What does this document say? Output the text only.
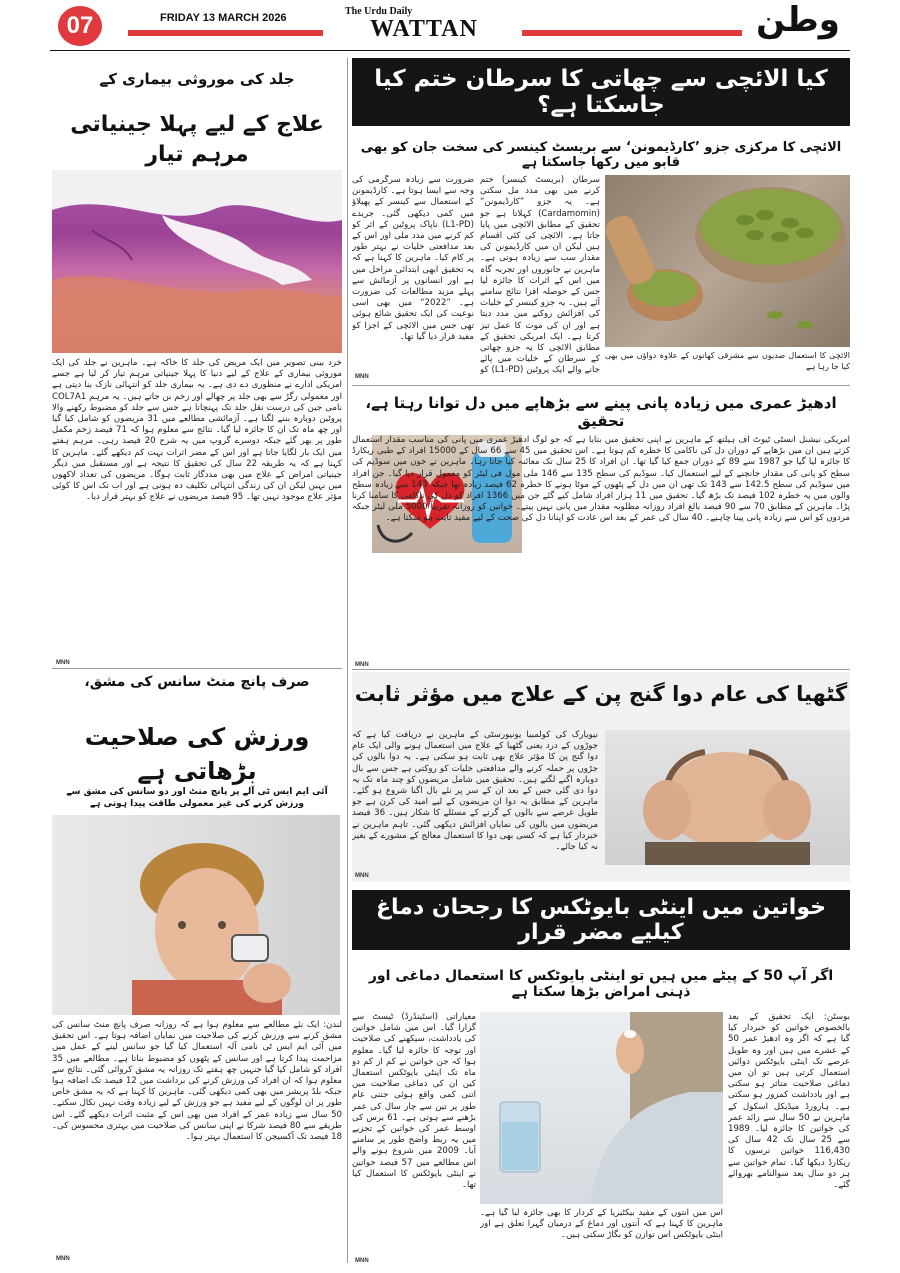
07	FRIDAY 13 MARCH 2026
The Urdu Daily
WATTAN	وطن
جلد کی موروثی بیماری کے
علاج کے لیے پہلا جینیاتی مرہم تیار
خرد بینی تصویر میں ایک مریض کی جلد کا خاکہ ہے۔ ماہرین نے جلد کی ایک موروثی بیماری کے علاج کے لیے دنیا کا پہلا جینیاتی مرہم تیار کر لیا ہے جسے امریکی ادارے نے منظوری دے دی ہے۔ یہ بیماری جلد کو انتہائی نازک بنا دیتی ہے اور معمولی رگڑ سے بھی جلد پر چھالے اور زخم بن جاتے ہیں۔ یہ مرہم COL7A1 نامی جین کی درست نقل جلد تک پہنچاتا ہے جس سے جلد کو مضبوط رکھنے والا پروٹین دوبارہ بننے لگتا ہے۔ آزمائشی مطالعے میں 31 مریضوں کو شامل کیا گیا اور چھ ماہ تک ان کا جائزہ لیا گیا۔ نتائج سے معلوم ہوا کہ 71 فیصد زخم مکمل طور پر بھر گئے جبکہ دوسرے گروپ میں یہ شرح 20 فیصد رہی۔ مرہم ہفتے میں ایک بار لگایا جاتا ہے اور اس کے مضر اثرات بہت کم دیکھے گئے۔ ماہرین کا کہنا ہے کہ یہ طریقہ 22 سال کی تحقیق کا نتیجہ ہے اور مستقبل میں دیگر جینیاتی امراض کے علاج میں بھی مددگار ثابت ہوگا۔ مریضوں کی تعداد لاکھوں میں نہیں لیکن ان کی زندگی انتہائی تکلیف دہ ہوتی ہے اور اب تک اس کا کوئی مؤثر علاج موجود نہیں تھا۔ 95 فیصد مریضوں نے علاج کو بہتر قرار دیا۔
MNN
صرف پانچ منٹ سانس کی مشق،
ورزش کی صلاحیت بڑھاتی ہے
آئی ایم ایس ٹی آلے پر پانچ منٹ اور دو سانس کی مشق سے ورزش کرنے کی غیر معمولی طاقت پیدا ہوتی ہے
لندن: ایک نئے مطالعے سے معلوم ہوا ہے کہ روزانہ صرف پانچ منٹ سانس کی مشق کرنے سے ورزش کرنے کی صلاحیت میں نمایاں اضافہ ہوتا ہے۔ اس تحقیق میں آئی ایم ایس ٹی نامی آلہ استعمال کیا گیا جو سانس لینے کے عمل میں مزاحمت پیدا کرتا ہے اور سانس کے پٹھوں کو مضبوط بناتا ہے۔ مطالعے میں 35 افراد کو شامل کیا گیا جنہیں چھ ہفتے تک روزانہ یہ مشق کروائی گئی۔ نتائج سے معلوم ہوا کہ ان افراد کی ورزش کرنے کی برداشت میں 12 فیصد تک اضافہ ہوا جبکہ بلڈ پریشر میں بھی کمی دیکھی گئی۔ ماہرین کا کہنا ہے کہ یہ مشق خاص طور پر ان لوگوں کے لیے مفید ہے جو ورزش کے لیے زیادہ وقت نہیں نکال سکتے۔ 50 سال سے زیادہ عمر کے افراد میں بھی اس کے مثبت اثرات دیکھے گئے۔ اس طریقے سے 80 فیصد شرکا نے اپنی سانس کی صلاحیت میں بہتری محسوس کی۔ 18 فیصد تک آکسیجن کا استعمال بہتر ہوا۔
MNN
کیا الائچی سے چھاتی کا سرطان ختم کیا جاسکتا ہے؟
الائچی کا مرکزی جزو ’کارڈیمونن‘ سے بریسٹ کینسر کی سخت جان کو بھی قابو میں رکھا جاسکتا ہے
الائچی کا استعمال صدیوں سے مشرقی کھانوں کے علاوہ دواؤں میں بھی کیا جا رہا ہے
سرطان (بریسٹ کینسر) ختم کرنے میں بھی مدد مل سکتی ہے۔ یہ جزو ”کارڈیمونن“ (Cardamomin) کہلاتا ہے جو تحقیق کے مطابق الائچی میں پایا جاتا ہے۔ الائچی کی کئی اقسام ہیں لیکن ان میں کارڈیمونن کی مقدار سب سے زیادہ ہوتی ہے۔ ماہرین نے جانوروں اور تجربہ گاہ میں اس کے اثرات کا جائزہ لیا جس کے حوصلہ افزا نتائج سامنے آئے ہیں۔ یہ جزو کینسر کے خلیات کی افزائش روکنے میں مدد دیتا ہے اور ان کی موت کا عمل تیز کرتا ہے۔ ایک امریکی تحقیق کے مطابق الائچی کا یہ جزو چھاتی کے سرطان کے خلیات میں پائے جانے والے ایک پروٹین (L1-PD) کو
ضرورت سے زیادہ سرگرمی کی وجہ سے ایسا ہوتا ہے۔ کارڈیمونن کے استعمال سے کینسر کے پھیلاؤ میں کمی دیکھی گئی۔ جریدے (L1-PD) ناپاک پروٹین کے اثر کو کم کرنے میں مدد ملی اور اس کے بعد مدافعتی خلیات نے بہتر طور پر کام کیا۔ ماہرین کا کہنا ہے کہ یہ تحقیق ابھی ابتدائی مراحل میں ہے اور انسانوں پر آزمائش سے پہلے مزید مطالعات کی ضرورت ہے۔ ”2022“ میں بھی اسی نوعیت کی ایک تحقیق شائع ہوئی تھی جس میں الائچی کے اجزا کو مفید قرار دیا گیا تھا۔
MNN
ادھیڑ عمری میں زیادہ پانی پینے سے بڑھاپے میں دل توانا رہتا ہے، تحقیق
امریکی نیشنل انسٹی ٹیوٹ آف ہیلتھ کے ماہرین نے اپنی تحقیق میں بتایا ہے کہ جو لوگ ادھیڑ عمری میں پانی کی مناسب مقدار استعمال کرتے ہیں ان میں بڑھاپے کے دوران دل کی ناکامی کا خطرہ کم ہوتا ہے۔ اس تحقیق میں 45 سے 66 سال کے 15000 افراد کے طبی ریکارڈ کا جائزہ لیا گیا جو 1987 سے 89 کے دوران جمع کیا گیا تھا۔ ان افراد کا 25 سال تک معائنہ کیا جاتا رہا۔ ماہرین نے خون میں سوڈیم کی سطح کو پانی کی مقدار جانچنے کے لیے استعمال کیا۔ سوڈیم کی سطح 135 سے 146 ملی مول فی لیٹر کو معمول قرار دیا گیا۔ جن افراد میں سوڈیم کی سطح 142.5 سے 143 تک تھی ان میں دل کے پٹھوں کے موٹا ہونے کا خطرہ 62 فیصد زیادہ تھا جبکہ 143 سے زیادہ سطح والوں میں یہ خطرہ 102 فیصد تک بڑھ گیا۔ تحقیق میں 11 ہزار افراد شامل کیے گئے جن میں 1366 افراد کو دل کی ناکامی کا سامنا کرنا پڑا۔ ماہرین کے مطابق 70 سے 90 فیصد بالغ افراد روزانہ مطلوبہ مقدار میں پانی نہیں پیتے۔ خواتین کو روزانہ تقریباً 5000 ملی لیٹر جبکہ مردوں کو اس سے زیادہ پانی پینا چاہیے۔ 40 سال کی عمر کے بعد اس عادت کو اپنانا دل کی صحت کے لیے مفید ثابت ہو سکتا ہے۔
MNN
گٹھیا کی عام دوا گنج پن کے علاج میں مؤثر ثابت
نیویارک کی کولمبیا یونیورسٹی کے ماہرین نے دریافت کیا ہے کہ جوڑوں کے درد یعنی گٹھیا کے علاج میں استعمال ہونے والی ایک عام دوا گنج پن کا مؤثر علاج بھی ثابت ہو سکتی ہے۔ یہ دوا بالوں کی جڑوں پر حملہ کرنے والے مدافعتی خلیات کو روکتی ہے جس سے بال دوبارہ اگنے لگتے ہیں۔ تحقیق میں شامل مریضوں کو چند ماہ تک یہ دوا دی گئی جس کے بعد ان کے سر پر نئے بال اگنا شروع ہو گئے۔ ماہرین کے مطابق یہ دوا ان مریضوں کے لیے امید کی کرن ہے جو طویل عرصے سے بالوں کے گرنے کے مسئلے کا شکار ہیں۔ 36 فیصد مریضوں میں بالوں کی نمایاں افزائش دیکھی گئی۔ تاہم ماہرین نے خبردار کیا ہے کہ کسی بھی دوا کا استعمال معالج کے مشورے کے بغیر نہ کیا جائے۔
MNN
خواتین میں اینٹی بایوٹکس کا رجحان دماغ کیلیے مضر قرار
اگر آپ 50 کے پیٹے میں ہیں تو اینٹی بایوٹکس کا استعمال دماغی اور ذہنی امراض بڑھا سکتا ہے
بوسٹن: ایک تحقیق کے بعد بالخصوص خواتین کو خبردار کیا گیا ہے کہ اگر وہ ادھیڑ عمر 50 کے عشرے میں ہیں اور وہ طویل عرصے تک اینٹی بایوٹکس دوائیں استعمال کرتی ہیں تو ان میں دماغی صلاحیت متاثر ہو سکتی ہے اور یادداشت کمزور ہو سکتی ہے۔ ہارورڈ میڈیکل اسکول کے ماہرین نے 50 سال سے زائد عمر کی خواتین کا جائزہ لیا۔ 1989 سے 25 سال تک 42 سال کی 116,430 خواتین نرسوں کا ریکارڈ دیکھا گیا۔ تمام خواتین سے ہر دو سال بعد سوالنامے بھروائے گئے۔
معیاراتی (اسٹینڈرڈ) ٹیسٹ سے گزارا گیا۔ اس میں شامل خواتین کی یادداشت، سیکھنے کی صلاحیت اور توجہ کا جائزہ لیا گیا۔ معلوم ہوا کہ جن خواتین نے کم از کم دو ماہ تک اینٹی بایوٹکس استعمال کیں ان کی دماغی صلاحیت میں اتنی کمی واقع ہوئی جتنی عام طور پر تین سے چار سال کی عمر بڑھنے سے ہوتی ہے۔ 61 برس کی اوسط عمر کی خواتین کے تجزیے میں یہ ربط واضح طور پر سامنے آیا۔ 2009 میں شروع ہونے والے اس مطالعے میں 57 فیصد خواتین نے اینٹی بایوٹکس کا استعمال کیا تھا۔
اس میں آنتوں کے مفید بیکٹیریا کے کردار کا بھی جائزہ لیا گیا ہے۔ ماہرین کا کہنا ہے کہ آنتوں اور دماغ کے درمیان گہرا تعلق ہے اور اینٹی بایوٹکس اس توازن کو بگاڑ سکتی ہیں۔
MNN
